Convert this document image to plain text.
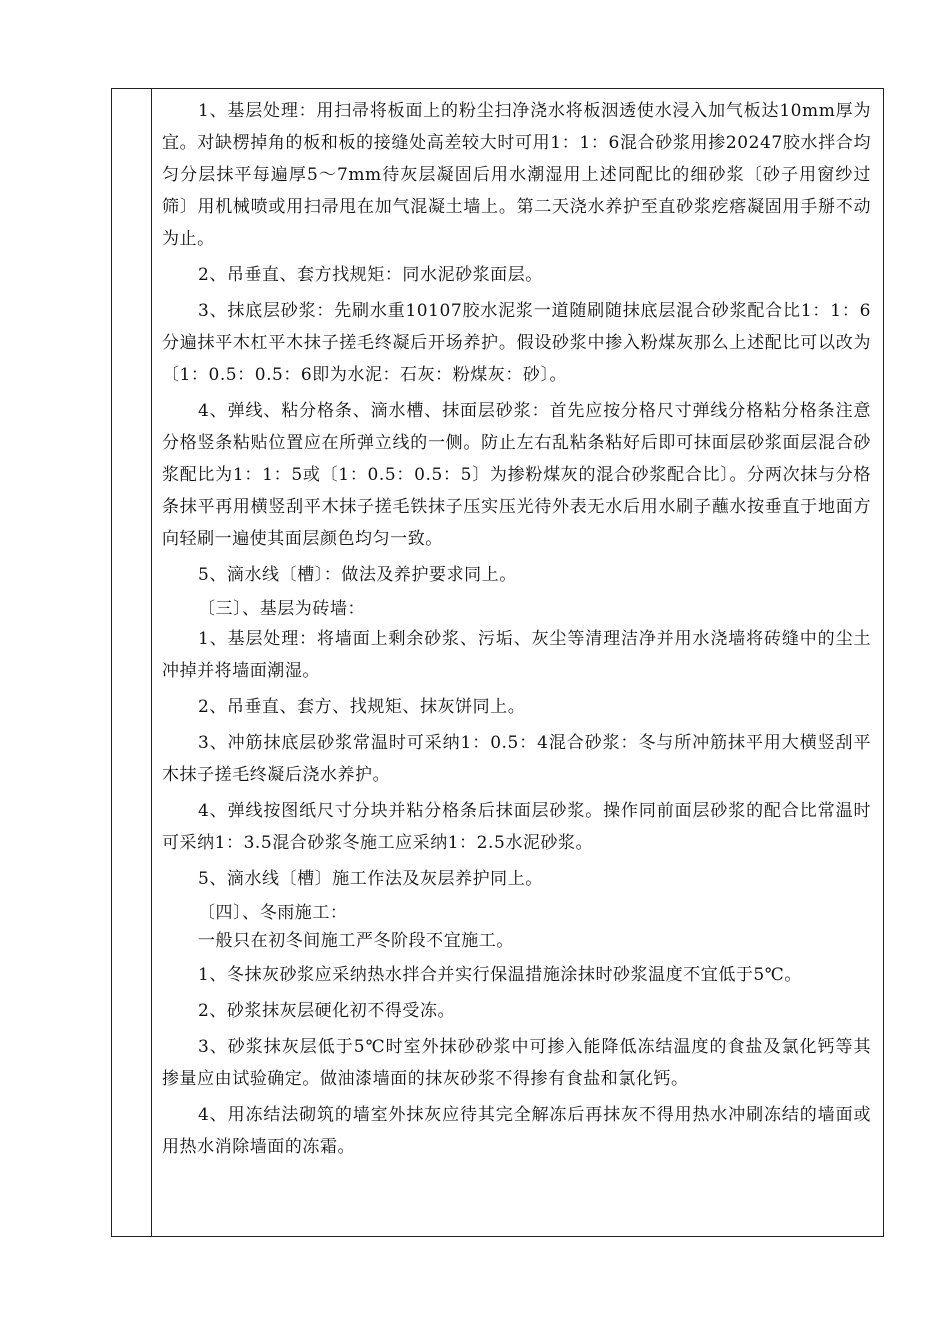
1、基层处理：用扫帚将板面上的粉尘扫净浇水将板洇透使水浸入加气板达10mm厚为宜。对缺楞掉角的板和板的接缝处高差较大时可用1：1：6混合砂浆用掺20247胶水拌合均匀分层抹平每遍厚5～7mm待灰层凝固后用水潮湿用上述同配比的细砂浆〔砂子用窗纱过筛〕用机械喷或用扫帚甩在加气混凝土墙上。第二天浇水养护至直砂浆疙瘩凝固用手掰不动为止。

2、吊垂直、套方找规矩：同水泥砂浆面层。

3、抹底层砂浆：先刷水重10107胶水泥浆一道随刷随抹底层混合砂浆配合比1：1：6分遍抹平木杠平木抹子搓毛终凝后开场养护。假设砂浆中掺入粉煤灰那么上述配比可以改为〔1：0.5：0.5：6即为水泥：石灰：粉煤灰：砂〕。

4、弹线、粘分格条、滴水槽、抹面层砂浆：首先应按分格尺寸弹线分格粘分格条注意分格竖条粘贴位置应在所弹立线的一侧。防止左右乱粘条粘好后即可抹面层砂浆面层混合砂浆配比为1：1：5或〔1：0.5：0.5：5〕为掺粉煤灰的混合砂浆配合比〕。分两次抹与分格条抹平再用横竖刮平木抹子搓毛铁抹子压实压光待外表无水后用水刷子蘸水按垂直于地面方向轻刷一遍使其面层颜色均匀一致。

5、滴水线〔槽〕：做法及养护要求同上。

〔三〕、基层为砖墙：

1、基层处理：将墙面上剩余砂浆、污垢、灰尘等清理洁净并用水浇墙将砖缝中的尘土冲掉并将墙面潮湿。

2、吊垂直、套方、找规矩、抹灰饼同上。

3、冲筋抹底层砂浆常温时可采纳1：0.5：4混合砂浆：冬与所冲筋抹平用大横竖刮平木抹子搓毛终凝后浇水养护。

4、弹线按图纸尺寸分块并粘分格条后抹面层砂浆。操作同前面层砂浆的配合比常温时可采纳1：3.5混合砂浆冬施工应采纳1：2.5水泥砂浆。

5、滴水线〔槽〕施工作法及灰层养护同上。

〔四〕、冬雨施工：

一般只在初冬间施工严冬阶段不宜施工。

1、冬抹灰砂浆应采纳热水拌合并实行保温措施涂抹时砂浆温度不宜低于5℃。

2、砂浆抹灰层硬化初不得受冻。

3、砂浆抹灰层低于5℃时室外抹砂砂浆中可掺入能降低冻结温度的食盐及氯化钙等其掺量应由试验确定。做油漆墙面的抹灰砂浆不得掺有食盐和氯化钙。

4、用冻结法砌筑的墙室外抹灰应待其完全解冻后再抹灰不得用热水冲刷冻结的墙面或用热水消除墙面的冻霜。
